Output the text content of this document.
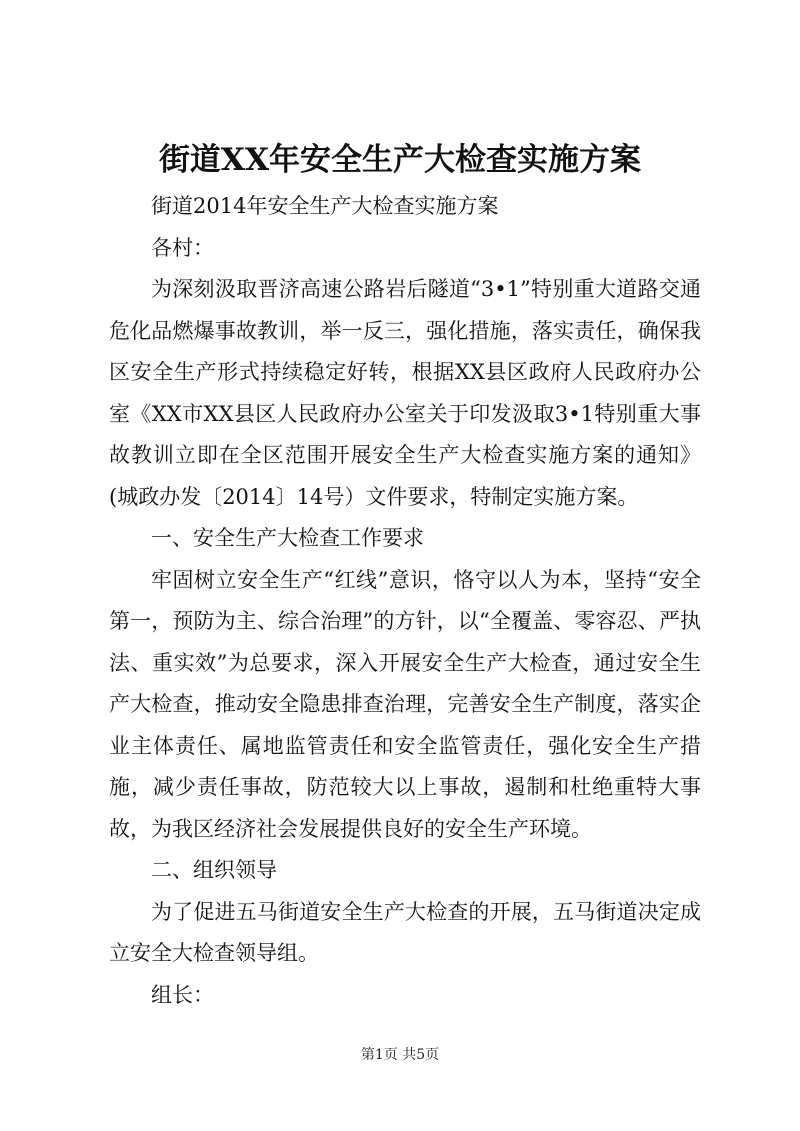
街道XX年安全生产大检查实施方案

街道2014年安全生产大检查实施方案

各村：

为深刻汲取晋济高速公路岩后隧道“3•1”特别重大道路交通危化品燃爆事故教训，举一反三，强化措施，落实责任，确保我区安全生产形式持续稳定好转，根据XX县区政府人民政府办公室《XX市XX县区人民政府办公室关于印发汲取3•1特别重大事故教训立即在全区范围开展安全生产大检查实施方案的通知》(城政办发〔2014〕14号）文件要求，特制定实施方案。

一、安全生产大检查工作要求

牢固树立安全生产“红线”意识，恪守以人为本，坚持“安全第一，预防为主、综合治理”的方针，以“全覆盖、零容忍、严执法、重实效”为总要求，深入开展安全生产大检查，通过安全生产大检查，推动安全隐患排查治理，完善安全生产制度，落实企业主体责任、属地监管责任和安全监管责任，强化安全生产措施，减少责任事故，防范较大以上事故，遏制和杜绝重特大事故，为我区经济社会发展提供良好的安全生产环境。

二、组织领导

为了促进五马街道安全生产大检查的开展，五马街道决定成立安全大检查领导组。

组长：

第1页 共5页
